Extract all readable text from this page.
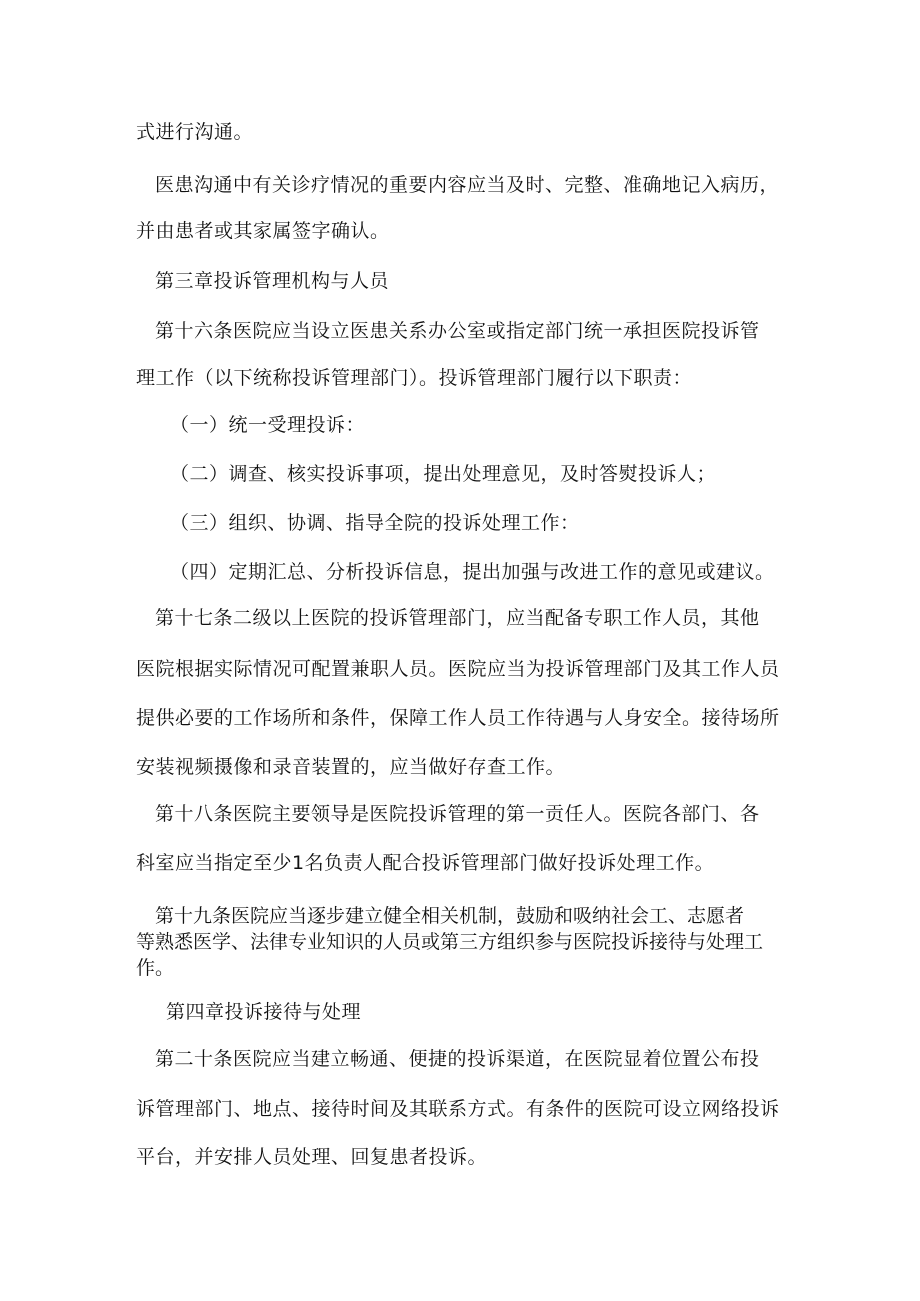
式进行沟通。
医患沟通中有关诊疗情况的重要内容应当及时、完整、准确地记入病历，
并由患者或其家属签字确认。
第三章投诉管理机构与人员
第十六条医院应当设立医患关系办公室或指定部门统一承担医院投诉管
理工作（以下统称投诉管理部门）。投诉管理部门履行以下职责：
（一）统一受理投诉：
（二）调查、核实投诉事项，提出处理意见，及时答熨投诉人；
（三）组织、协调、指导全院的投诉处理工作：
（四）定期汇总、分析投诉信息，提出加强与改进工作的意见或建议。
第十七条二级以上医院的投诉管理部门，应当配备专职工作人员，其他
医院根据实际情况可配置兼职人员。医院应当为投诉管理部门及其工作人员
提供必要的工作场所和条件，保障工作人员工作待遇与人身安全。接待场所
安装视频摄像和录音装置的，应当做好存查工作。
第十八条医院主要领导是医院投诉管理的第一贡任人。医院各部门、各
科室应当指定至少1名负责人配合投诉管理部门做好投诉处理工作。
第十九条医院应当逐步建立健全相关机制，鼓励和吸纳社会工、志愿者
等熟悉医学、法律专业知识的人员或第三方组织参与医院投诉接待与处理工
作。
第四章投诉接待与处理
第二十条医院应当建立畅通、便捷的投诉渠道，在医院显着位置公布投
诉管理部门、地点、接待时间及其联系方式。有条件的医院可设立网络投诉
平台，并安排人员处理、回复患者投诉。
